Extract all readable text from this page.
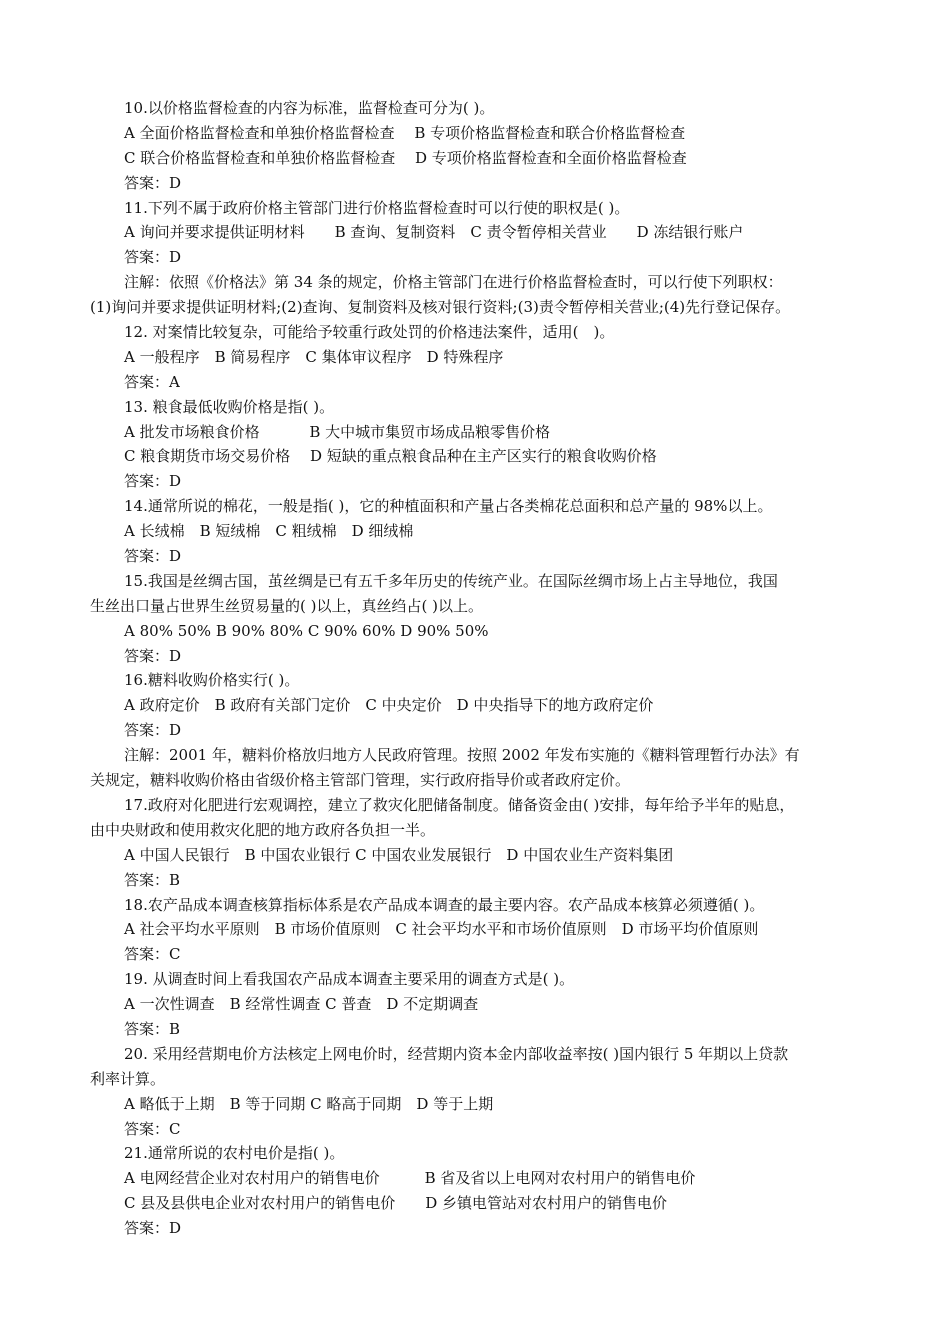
10.以价格监督检查的内容为标准，监督检查可分为( )。
A 全面价格监督检查和单独价格监督检查　 B 专项价格监督检查和联合价格监督检查
C 联合价格监督检查和单独价格监督检查　 D 专项价格监督检查和全面价格监督检查
答案：D
11.下列不属于政府价格主管部门进行价格监督检查时可以行使的职权是( )。
A 询问并要求提供证明材料　　B 查询、复制资料　C 责令暂停相关营业　　D 冻结银行账户
答案：D
注解：依照《价格法》第 34 条的规定，价格主管部门在进行价格监督检查时，可以行使下列职权：
(1)询问并要求提供证明材料;(2)查询、复制资料及核对银行资料;(3)责令暂停相关营业;(4)先行登记保存。
12. 对案情比较复杂，可能给予较重行政处罚的价格违法案件，适用(　)。
A 一般程序　B 简易程序　C 集体审议程序　D 特殊程序
答案：A
13. 粮食最低收购价格是指( )。
A 批发市场粮食价格　　　 B 大中城市集贸市场成品粮零售价格
C 粮食期货市场交易价格　 D 短缺的重点粮食品种在主产区实行的粮食收购价格
答案：D
14.通常所说的棉花，一般是指( )，它的种植面积和产量占各类棉花总面积和总产量的 98%以上。
A 长绒棉　B 短绒棉　C 粗绒棉　D 细绒棉
答案：D
15.我国是丝绸古国，茧丝绸是已有五千多年历史的传统产业。在国际丝绸市场上占主导地位，我国
生丝出口量占世界生丝贸易量的( )以上，真丝绉占( )以上。
A 80% 50% B 90% 80% C 90% 60% D 90% 50%
答案：D
16.糖料收购价格实行( )。
A 政府定价　B 政府有关部门定价　C 中央定价　D 中央指导下的地方政府定价
答案：D
注解：2001 年，糖料价格放归地方人民政府管理。按照 2002 年发布实施的《糖料管理暂行办法》有
关规定，糖料收购价格由省级价格主管部门管理，实行政府指导价或者政府定价。
17.政府对化肥进行宏观调控，建立了救灾化肥储备制度。储备资金由( )安排，每年给予半年的贴息，
由中央财政和使用救灾化肥的地方政府各负担一半。
A 中国人民银行　B 中国农业银行 C 中国农业发展银行　D 中国农业生产资料集团
答案：B
18.农产品成本调查核算指标体系是农产品成本调查的最主要内容。农产品成本核算必须遵循( )。
A 社会平均水平原则　B 市场价值原则　C 社会平均水平和市场价值原则　D 市场平均价值原则
答案：C
19. 从调查时间上看我国农产品成本调查主要采用的调查方式是( )。
A 一次性调查　B 经常性调查 C 普查　D 不定期调查
答案：B
20. 采用经营期电价方法核定上网电价时，经营期内资本金内部收益率按( )国内银行 5 年期以上贷款
利率计算。
A 略低于上期　B 等于同期 C 略高于同期　D 等于上期
答案：C
21.通常所说的农村电价是指( )。
A 电网经营企业对农村用户的销售电价　　　B 省及省以上电网对农村用户的销售电价
C 县及县供电企业对农村用户的销售电价　　D 乡镇电管站对农村用户的销售电价
答案：D
